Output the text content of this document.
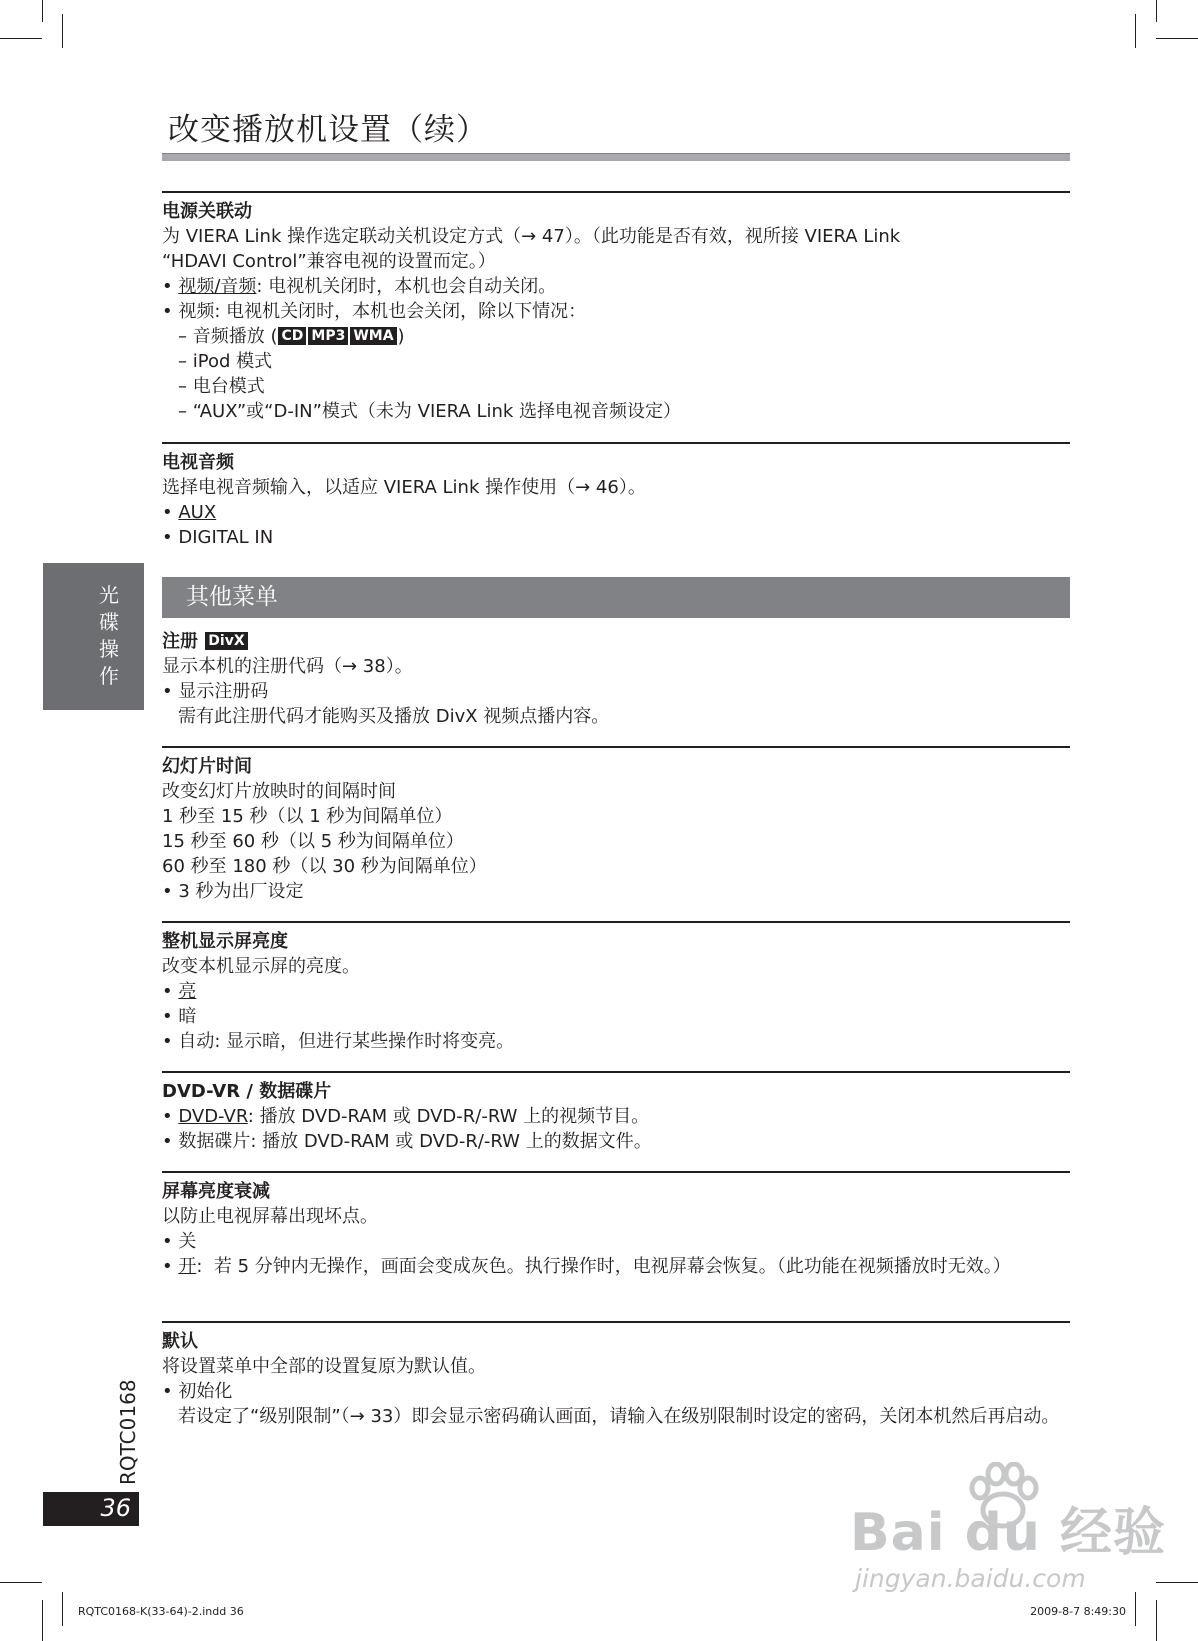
改变播放机设置（续）
电源关联动

为 VIERA Link 操作选定联动关机设定方式（→ 47）。（此功能是否有效，视所接 VIERA Link

“HDAVI Control”兼容电视的设置而定。）

• 视频/音频: 电视机关闭时，本机也会自动关闭。
• 视频: 电视机关闭时，本机也会关闭，除以下情况：
– 音频播放 ( CD MP3 WMA )
– iPod 模式
– 电台模式
– “AUX”或“D-IN”模式（未为 VIERA Link 选择电视音频设定）
电视音频

选择电视音频输入，以适应 VIERA Link 操作使用（→ 46）。

• AUX
• DIGITAL IN
其他菜单
光
碟
操
作
注册 DivX

显示本机的注册代码（→ 38）。

• 显示注册码
需有此注册代码才能购买及播放 DivX 视频点播内容。
幻灯片时间

改变幻灯片放映时的间隔时间

1 秒至 15 秒（以 1 秒为间隔单位）

15 秒至 60 秒（以 5 秒为间隔单位）

60 秒至 180 秒（以 30 秒为间隔单位）

• 3 秒为出厂设定
整机显示屏亮度

改变本机显示屏的亮度。

• 亮
• 暗
• 自动: 显示暗，但进行某些操作时将变亮。
DVD-VR / 数据碟片
• DVD-VR: 播放 DVD-RAM 或 DVD-R/-RW 上的视频节目。
• 数据碟片: 播放 DVD-RAM 或 DVD-R/-RW 上的数据文件。
屏幕亮度衰减

以防止电视屏幕出现坏点。

• 关
• 开: 若 5 分钟内无操作，画面会变成灰色。执行操作时，电视屏幕会恢复。（此功能在视频播放时无效。）
默认

将设置菜单中全部的设置复原为默认值。

• 初始化
若设定了“级别限制”（→ 33）即会显示密码确认画面，请输入在级别限制时设定的密码，关闭本机然后再启动。
RQTC0168
36	Bai du 经验
jingyan.baidu.com
RQTC0168-K(33-64)-2.indd 36	2009-8-7 8:49:30
